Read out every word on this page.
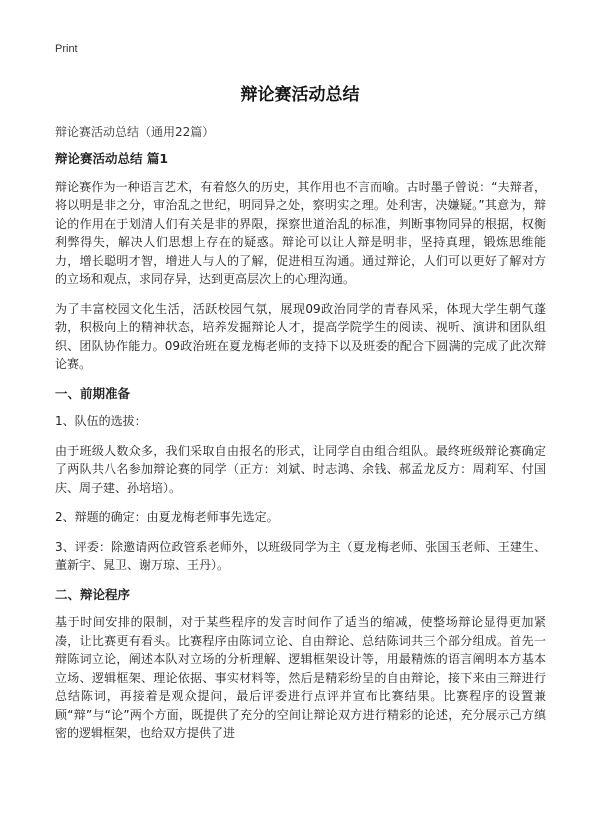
Print
辩论赛活动总结
辩论赛活动总结（通用22篇）
辩论赛活动总结 篇1

辩论赛作为一种语言艺术，有着悠久的历史，其作用也不言而喻。古时墨子曾说：“夫辩者，将以明是非之分，审治乱之世纪，明同异之处，察明实之理。处利害，决嫌疑。”其意为，辩论的作用在于划清人们有关是非的界限，探察世道治乱的标准，判断事物同异的根据，权衡利弊得失，解决人们思想上存在的疑惑。辩论可以让人辩是明非，坚持真理，锻炼思维能力，增长聪明才智，增进人与人的了解，促进相互沟通。通过辩论，人们可以更好了解对方的立场和观点，求同存异，达到更高层次上的心理沟通。

为了丰富校园文化生活，活跃校园气氛，展现09政治同学的青春风采，体现大学生朝气蓬勃，积极向上的精神状态，培养发掘辩论人才，提高学院学生的阅读、视听、演讲和团队组织、团队协作能力。09政治班在夏龙梅老师的支持下以及班委的配合下圆满的完成了此次辩论赛。

一、前期准备

1、队伍的选拔：

由于班级人数众多，我们采取自由报名的形式，让同学自由组合组队。最终班级辩论赛确定了两队共八名参加辩论赛的同学（正方：刘斌、时志鸿、余钱、郝孟龙反方：周莉军、付国庆、周子建、孙培培）。

2、辩题的确定：由夏龙梅老师事先选定。

3、评委：除邀请两位政管系老师外，以班级同学为主（夏龙梅老师、张国玉老师、王建生、董新宇、晁卫、谢万琼、王丹）。

二、辩论程序

基于时间安排的限制，对于某些程序的发言时间作了适当的缩减，使整场辩论显得更加紧凑，让比赛更有看头。比赛程序由陈词立论、自由辩论、总结陈词共三个部分组成。首先一辩陈词立论，阐述本队对立场的分析理解、逻辑框架设计等，用最精炼的语言阐明本方基本立场、逻辑框架、理论依据、事实材料等，然后是精彩纷呈的自由辩论，接下来由三辩进行总结陈词，再接着是观众提问，最后评委进行点评并宣布比赛结果。比赛程序的设置兼顾“辩”与“论”两个方面，既提供了充分的空间让辩论双方进行精彩的论述，充分展示己方缜密的逻辑框架，也给双方提供了进
